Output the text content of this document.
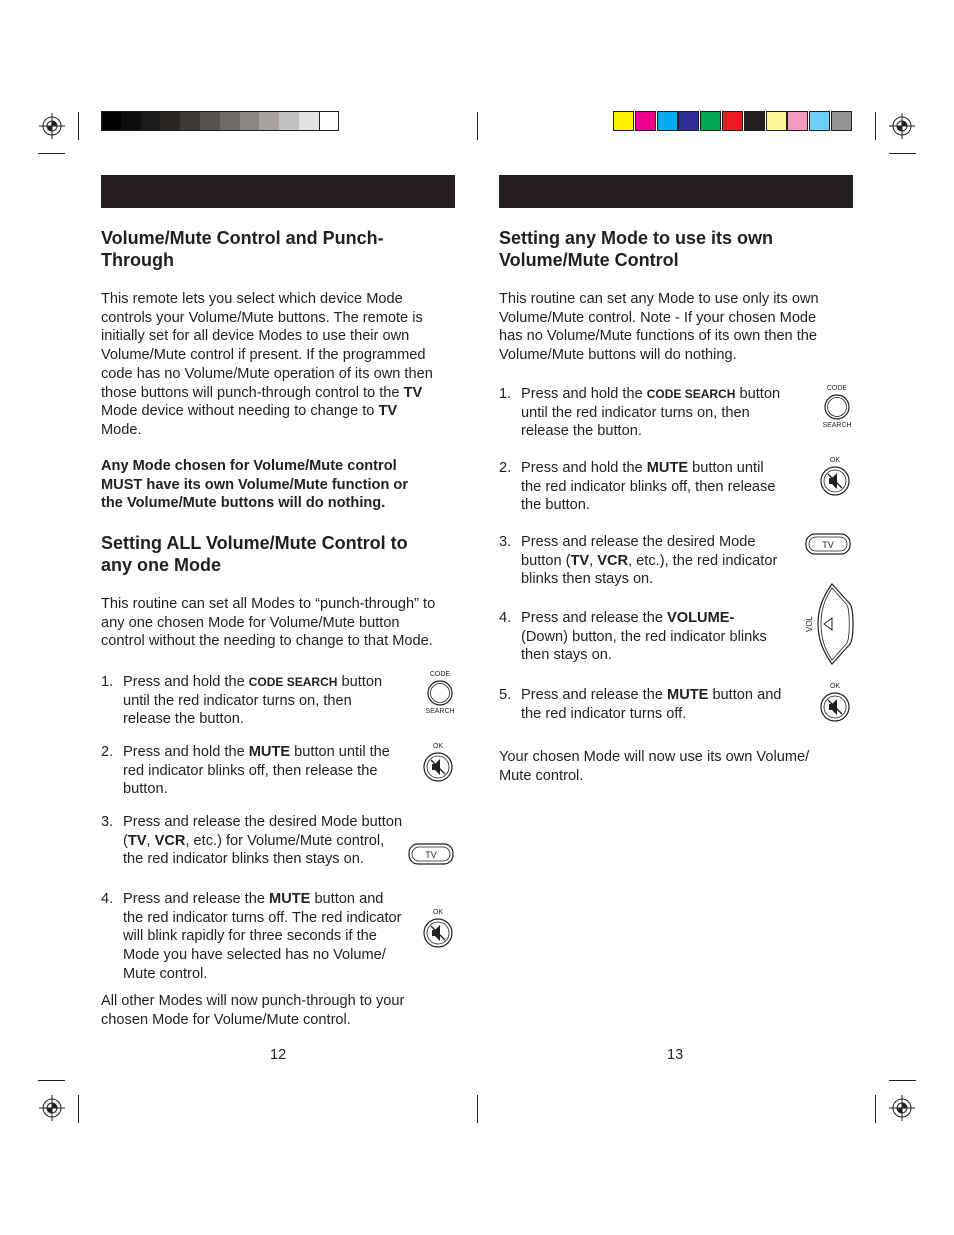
Volume/Mute Control and Punch-
Through
This remote lets you select which device Mode
controls your Volume/Mute buttons. The remote is
initially set for all device Modes to use their own
Volume/Mute control if present. If the programmed
code has no Volume/Mute operation of its own then
those buttons will punch-through control to the TV
Mode device without needing to change to TV
Mode.
Any Mode chosen for Volume/Mute control
MUST have its own Volume/Mute function or
the Volume/Mute buttons will do nothing.
Setting ALL Volume/Mute Control to
any one Mode
This routine can set all Modes to “punch-through” to
any one chosen Mode for Volume/Mute button
control without the needing to change to that Mode.
1. Press and hold the CODE SEARCH button
until the red indicator turns on, then
release the button.
2. Press and hold the MUTE button until the
red indicator blinks off, then release the
button.
3. Press and release the desired Mode button
(TV, VCR, etc.) for Volume/Mute control,
the red indicator blinks then stays on.
4. Press and release the MUTE button and
the red indicator turns off. The red indicator
will blink rapidly for three seconds if the
Mode you have selected has no Volume/
Mute control.
All other Modes will now punch-through to your
chosen Mode for Volume/Mute control.
12
CODE
SEARCH
OK
TV
OK
Setting any Mode to use its own
Volume/Mute Control
This routine can set any Mode to use only its own
Volume/Mute control. Note - If your chosen Mode
has no Volume/Mute functions of its own then the
Volume/Mute buttons will do nothing.
1. Press and hold the CODE SEARCH button
until the red indicator turns on, then
release the button.
2. Press and hold the MUTE button until
the red indicator blinks off, then release
the button.
3. Press and release the desired Mode
button (TV, VCR, etc.), the red indicator
blinks then stays on.
4. Press and release the VOLUME-
(Down) button, the red indicator blinks
then stays on.
5. Press and release the MUTE button and
the red indicator turns off.
Your chosen Mode will now use its own Volume/
Mute control.
13
CODE
SEARCH
OK
TV
VOL
OK
